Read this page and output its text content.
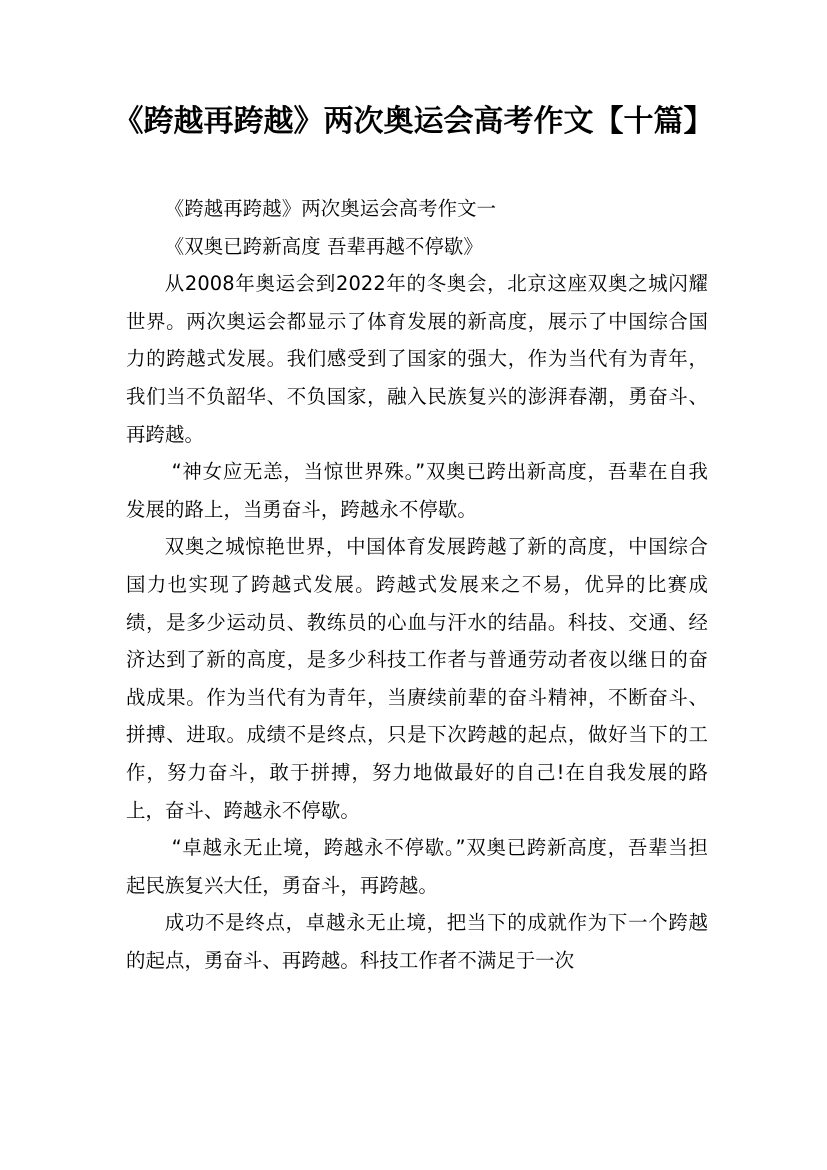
《跨越再跨越》两次奥运会高考作文【十篇】

《跨越再跨越》两次奥运会高考作文一

《双奥已跨新高度 吾辈再越不停歇》

从2008年奥运会到2022年的冬奥会，北京这座双奥之城闪耀世界。两次奥运会都显示了体育发展的新高度，展示了中国综合国力的跨越式发展。我们感受到了国家的强大，作为当代有为青年，我们当不负韶华、不负国家，融入民族复兴的澎湃春潮，勇奋斗、再跨越。

“神女应无恙，当惊世界殊。”双奥已跨出新高度，吾辈在自我发展的路上，当勇奋斗，跨越永不停歇。

双奥之城惊艳世界，中国体育发展跨越了新的高度，中国综合国力也实现了跨越式发展。跨越式发展来之不易，优异的比赛成绩，是多少运动员、教练员的心血与汗水的结晶。科技、交通、经济达到了新的高度，是多少科技工作者与普通劳动者夜以继日的奋战成果。作为当代有为青年，当赓续前辈的奋斗精神，不断奋斗、拼搏、进取。成绩不是终点，只是下次跨越的起点，做好当下的工作，努力奋斗，敢于拼搏，努力地做最好的自己!在自我发展的路上，奋斗、跨越永不停歇。

“卓越永无止境，跨越永不停歇。”双奥已跨新高度，吾辈当担起民族复兴大任，勇奋斗，再跨越。

成功不是终点，卓越永无止境，把当下的成就作为下一个跨越的起点，勇奋斗、再跨越。科技工作者不满足于一次
